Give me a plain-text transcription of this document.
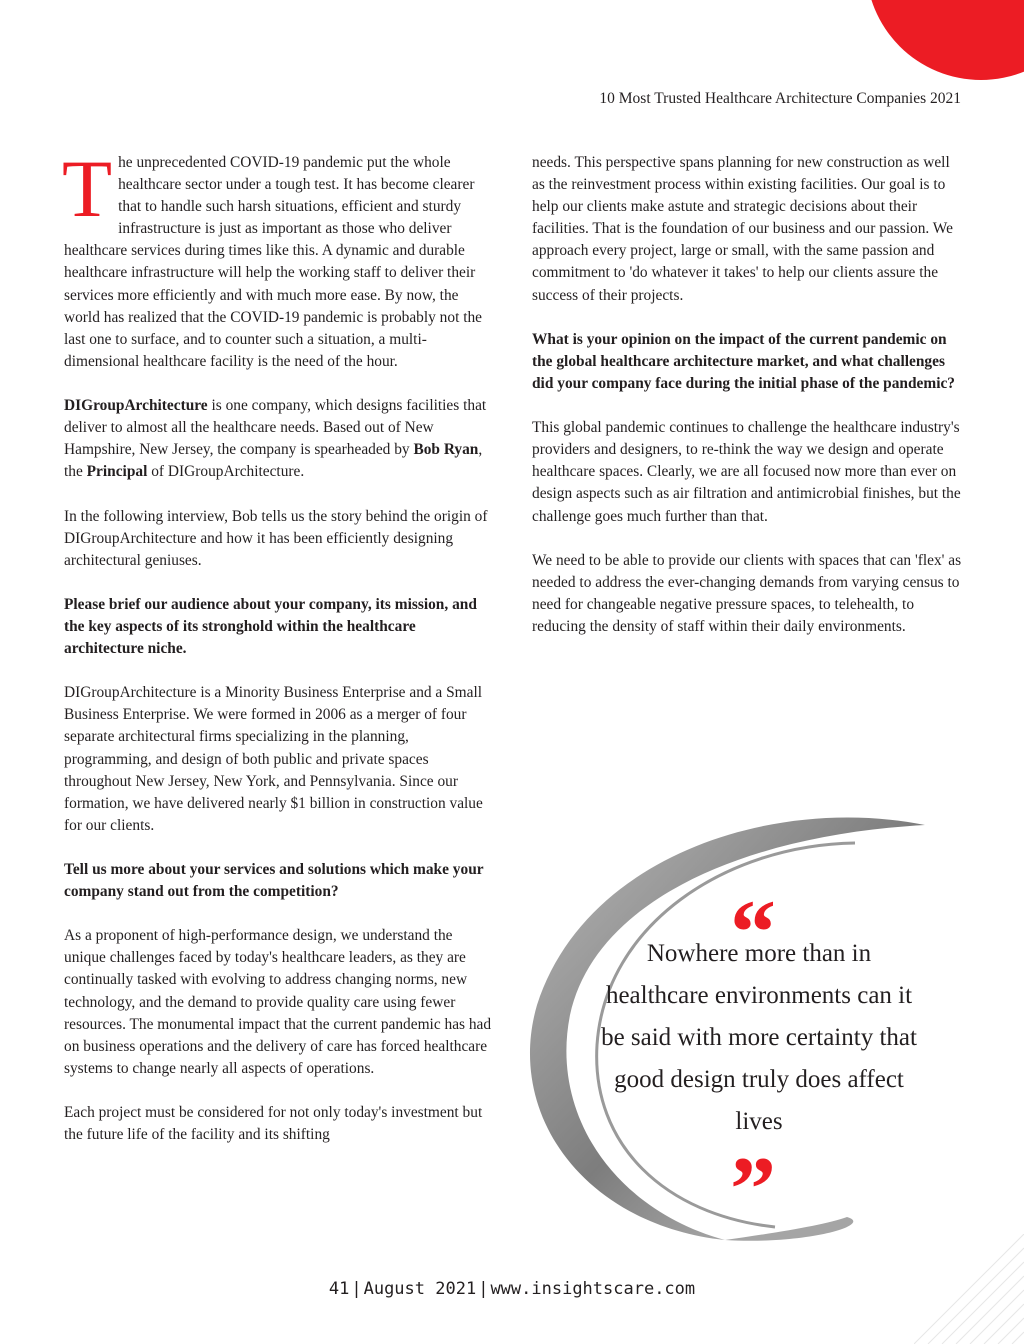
10 Most Trusted Healthcare Architecture Companies 2021

The unprecedented COVID-19 pandemic put the whole healthcare sector under a tough test. It has become clearer that to handle such harsh situations, efficient and sturdy infrastructure is just as important as those who deliver healthcare services during times like this. A dynamic and durable healthcare infrastructure will help the working staff to deliver their services more efficiently and with much more ease. By now, the world has realized that the COVID-19 pandemic is probably not the last one to surface, and to counter such a situation, a multi-dimensional healthcare facility is the need of the hour.

DIGroupArchitecture is one company, which designs facilities that deliver to almost all the healthcare needs. Based out of New Hampshire, New Jersey, the company is spearheaded by Bob Ryan, the Principal of DIGroupArchitecture.

In the following interview, Bob tells us the story behind the origin of DIGroupArchitecture and how it has been efficiently designing architectural geniuses.

Please brief our audience about your company, its mission, and the key aspects of its stronghold within the healthcare architecture niche.

DIGroupArchitecture is a Minority Business Enterprise and a Small Business Enterprise. We were formed in 2006 as a merger of four separate architectural firms specializing in the planning, programming, and design of both public and private spaces throughout New Jersey, New York, and Pennsylvania. Since our formation, we have delivered nearly $1 billion in construction value for our clients.

Tell us more about your services and solutions which make your company stand out from the competition?

As a proponent of high-performance design, we understand the unique challenges faced by today's healthcare leaders, as they are continually tasked with evolving to address changing norms, new technology, and the demand to provide quality care using fewer resources. The monumental impact that the current pandemic has had on business operations and the delivery of care has forced healthcare systems to change nearly all aspects of operations.

Each project must be considered for not only today's investment but the future life of the facility and its shifting

needs. This perspective spans planning for new construction as well as the reinvestment process within existing facilities. Our goal is to help our clients make astute and strategic decisions about their facilities. That is the foundation of our business and our passion. We approach every project, large or small, with the same passion and commitment to 'do whatever it takes' to help our clients assure the success of their projects.

What is your opinion on the impact of the current pandemic on the global healthcare architecture market, and what challenges did your company face during the initial phase of the pandemic?

This global pandemic continues to challenge the healthcare industry's providers and designers, to re-think the way we design and operate healthcare spaces. Clearly, we are all focused now more than ever on design aspects such as air filtration and antimicrobial finishes, but the challenge goes much further than that.

We need to be able to provide our clients with spaces that can 'flex' as needed to address the ever-changing demands from varying census to need for changeable negative pressure spaces, to telehealth, to reducing the density of staff within their daily environments.

“
Nowhere more than in healthcare environments can it be said with more certainty that good design truly does affect lives
”
41 | August 2021 | www.insightscare.com
